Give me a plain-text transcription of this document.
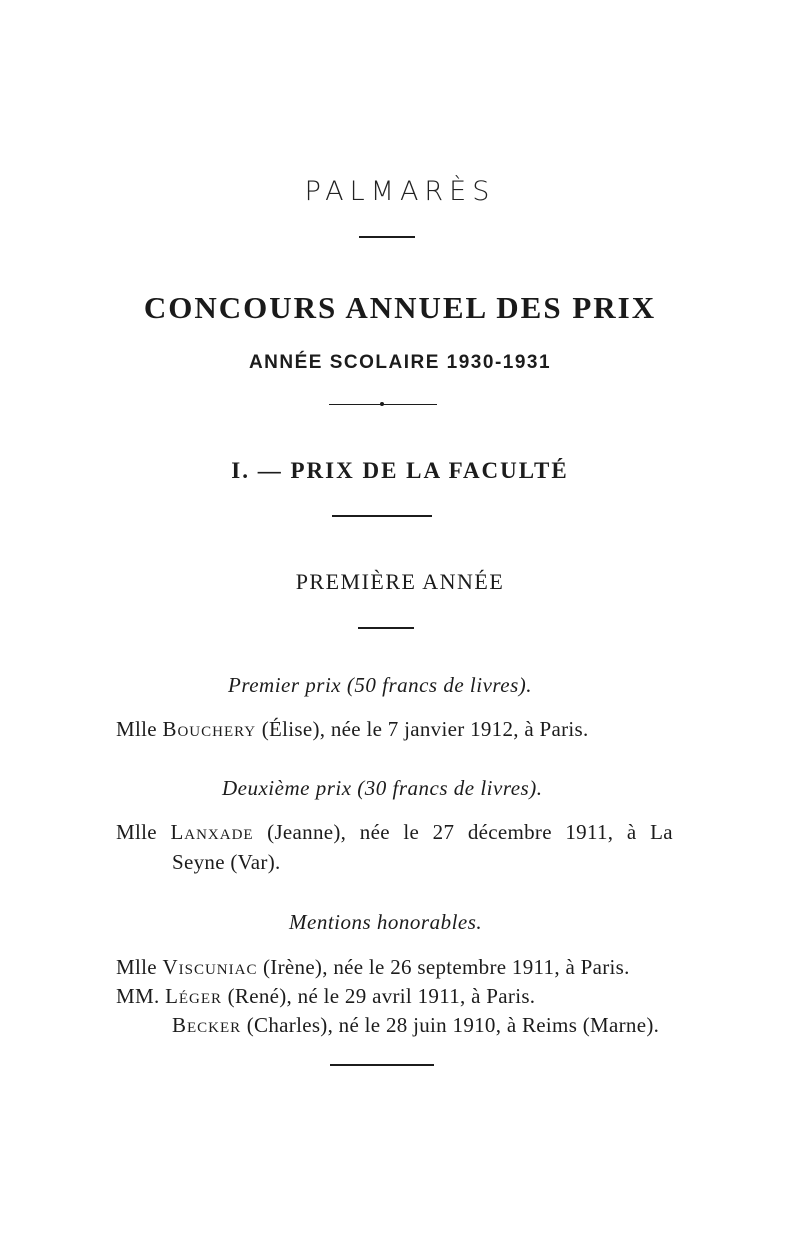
PALMARÈS
CONCOURS ANNUEL DES PRIX
ANNÉE SCOLAIRE 1930-1931
I. — PRIX DE LA FACULTÉ
PREMIÈRE ANNÉE
Premier prix (50 francs de livres).
Mlle Bouchery (Élise), née le 7 janvier 1912, à Paris.
Deuxième prix (30 francs de livres).
Mlle Lanxade (Jeanne), née le 27 décembre 1911, à La
Seyne (Var).
Mentions honorables.
Mlle Viscuniac (Irène), née le 26 septembre 1911, à Paris.
MM. Léger (René), né le 29 avril 1911, à Paris.
Becker (Charles), né le 28 juin 1910, à Reims (Marne).
